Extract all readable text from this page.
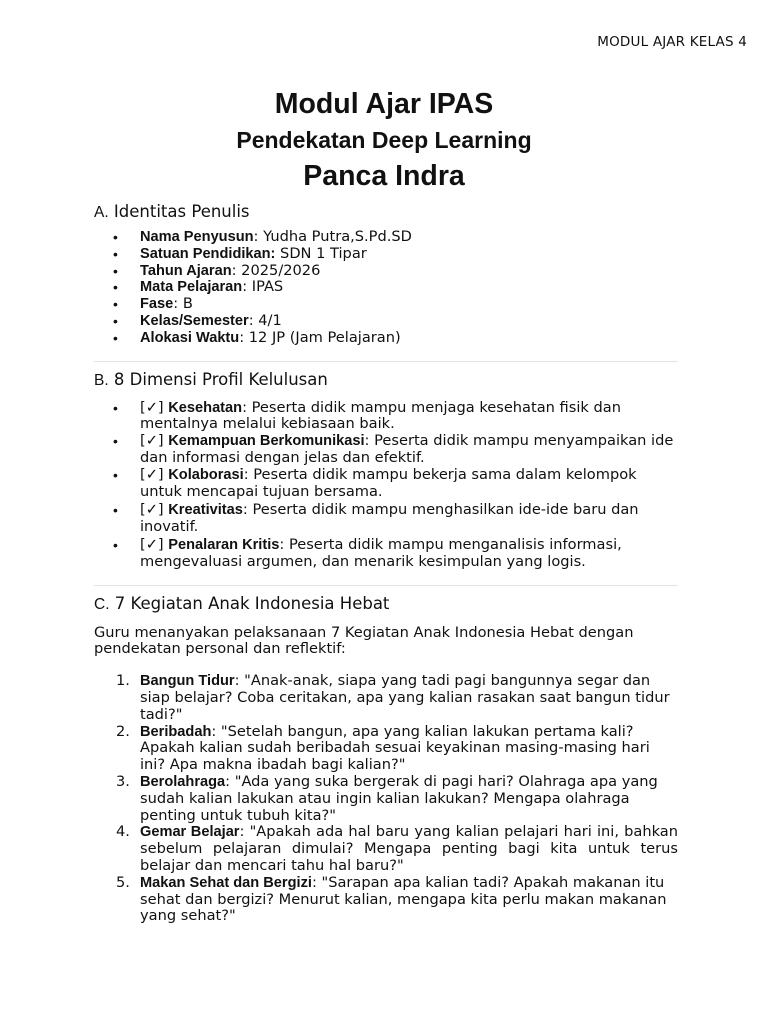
MODUL AJAR KELAS 4
Modul Ajar IPAS
Pendekatan Deep Learning
Panca Indra
A. Identitas Penulis
• Nama Penyusun: Yudha Putra,S.Pd.SD
• Satuan Pendidikan: SDN 1 Tipar
• Tahun Ajaran: 2025/2026
• Mata Pelajaran: IPAS
• Fase: B
• Kelas/Semester: 4/1
• Alokasi Waktu: 12 JP (Jam Pelajaran)
B. 8 Dimensi Profil Kelulusan
• [✓] Kesehatan: Peserta didik mampu menjaga kesehatan fisik dan mentalnya melalui kebiasaan baik.
• [✓] Kemampuan Berkomunikasi: Peserta didik mampu menyampaikan ide dan informasi dengan jelas dan efektif.
• [✓] Kolaborasi: Peserta didik mampu bekerja sama dalam kelompok untuk mencapai tujuan bersama.
• [✓] Kreativitas: Peserta didik mampu menghasilkan ide-ide baru dan inovatif.
• [✓] Penalaran Kritis: Peserta didik mampu menganalisis informasi, mengevaluasi argumen, dan menarik kesimpulan yang logis.
C. 7 Kegiatan Anak Indonesia Hebat

Guru menanyakan pelaksanaan 7 Kegiatan Anak Indonesia Hebat dengan pendekatan personal dan reflektif:

1. Bangun Tidur: "Anak-anak, siapa yang tadi pagi bangunnya segar dan siap belajar? Coba ceritakan, apa yang kalian rasakan saat bangun tidur tadi?"
2. Beribadah: "Setelah bangun, apa yang kalian lakukan pertama kali? Apakah kalian sudah beribadah sesuai keyakinan masing-masing hari ini? Apa makna ibadah bagi kalian?"
3. Berolahraga: "Ada yang suka bergerak di pagi hari? Olahraga apa yang sudah kalian lakukan atau ingin kalian lakukan? Mengapa olahraga penting untuk tubuh kita?"
4. Gemar Belajar: "Apakah ada hal baru yang kalian pelajari hari ini, bahkan sebelum pelajaran dimulai? Mengapa penting bagi kita untuk terus belajar dan mencari tahu hal baru?"
5. Makan Sehat dan Bergizi: "Sarapan apa kalian tadi? Apakah makanan itu sehat dan bergizi? Menurut kalian, mengapa kita perlu makan makanan yang sehat?"
